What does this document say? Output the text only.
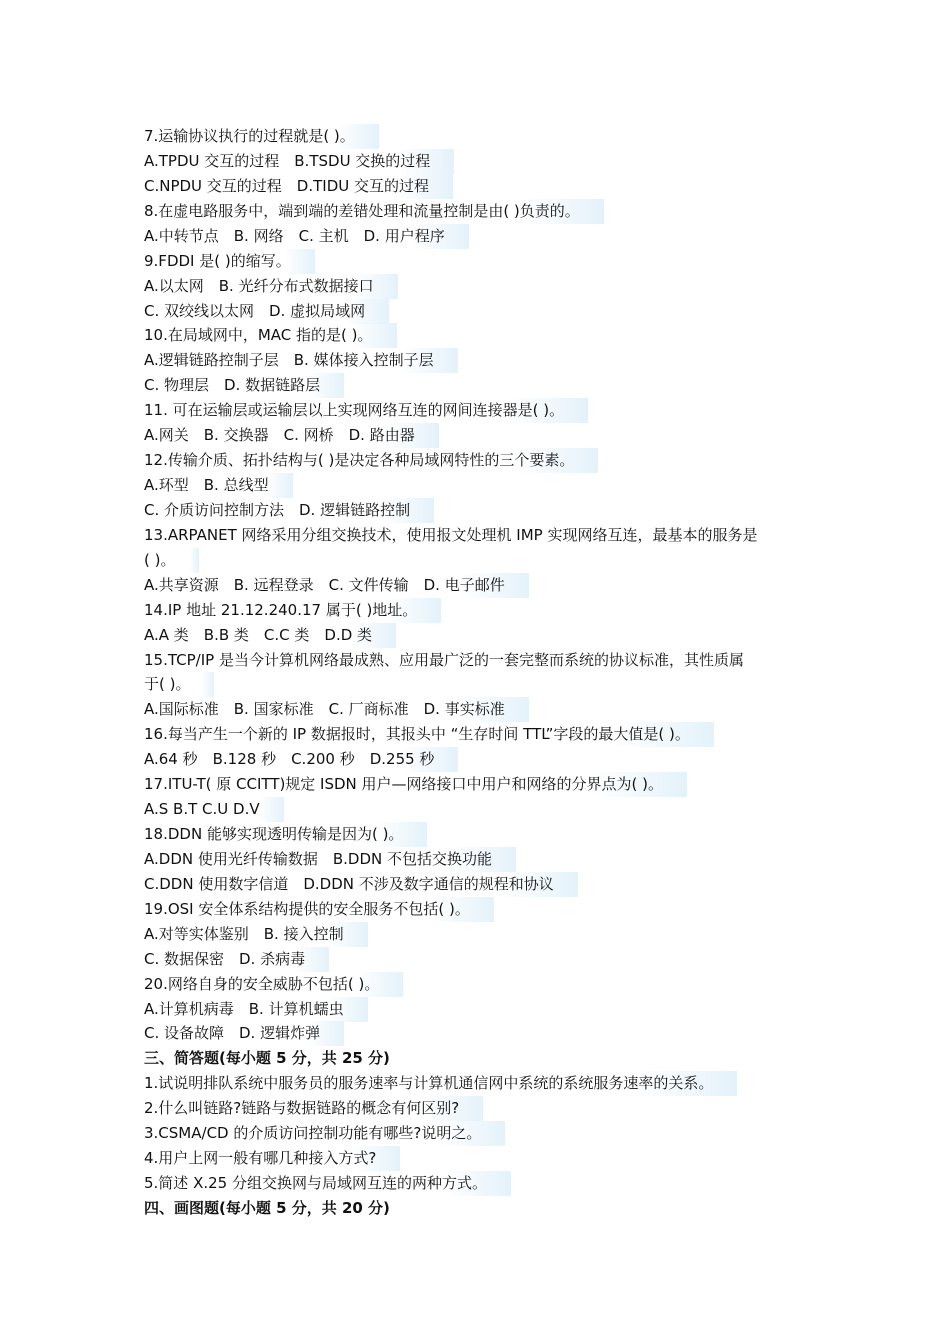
7.运输协议执行的过程就是( )。
A.TPDU 交互的过程　B.TSDU 交换的过程
C.NPDU 交互的过程　D.TIDU 交互的过程
8.在虚电路服务中，端到端的差错处理和流量控制是由( )负责的。
A.中转节点　B. 网络　C. 主机　D. 用户程序
9.FDDI 是( )的缩写。
A.以太网　B. 光纤分布式数据接口
C. 双绞线以太网　D. 虚拟局域网
10.在局域网中，MAC 指的是( )。
A.逻辑链路控制子层　B. 媒体接入控制子层
C. 物理层　D. 数据链路层
11. 可在运输层或运输层以上实现网络互连的网间连接器是( )。
A.网关　B. 交换器　C. 网桥　D. 路由器
12.传输介质、拓扑结构与( )是决定各种局域网特性的三个要素。
A.环型　B. 总线型
C. 介质访问控制方法　D. 逻辑链路控制
13.ARPANET 网络采用分组交换技术，使用报文处理机 IMP 实现网络互连，最基本的服务是
( )。
A.共享资源　B. 远程登录　C. 文件传输　D. 电子邮件
14.IP 地址 21.12.240.17 属于( )地址。
A.A 类　B.B 类　C.C 类　D.D 类
15.TCP/IP 是当今计算机网络最成熟、应用最广泛的一套完整而系统的协议标准，其性质属
于( )。
A.国际标准　B. 国家标准　C. 厂商标准　D. 事实标准
16.每当产生一个新的 IP 数据报时，其报头中 “生存时间 TTL”字段的最大值是( )。
A.64 秒　B.128 秒　C.200 秒　D.255 秒
17.ITU-T( 原 CCITT)规定 ISDN 用户—网络接口中用户和网络的分界点为( )。
A.S B.T C.U D.V
18.DDN 能够实现透明传输是因为( )。
A.DDN 使用光纤传输数据　B.DDN 不包括交换功能
C.DDN 使用数字信道　D.DDN 不涉及数字通信的规程和协议
19.OSI 安全体系结构提供的安全服务不包括( )。
A.对等实体鉴别　B. 接入控制
C. 数据保密　D. 杀病毒
20.网络自身的安全威胁不包括( )。
A.计算机病毒　B. 计算机蠕虫
C. 设备故障　D. 逻辑炸弹
三、简答题(每小题 5 分，共 25 分)
1.试说明排队系统中服务员的服务速率与计算机通信网中系统的系统服务速率的关系。
2.什么叫链路?链路与数据链路的概念有何区别?
3.CSMA/CD 的介质访问控制功能有哪些?说明之。
4.用户上网一般有哪几种接入方式?
5.简述 X.25 分组交换网与局域网互连的两种方式。
四、画图题(每小题 5 分，共 20 分)
